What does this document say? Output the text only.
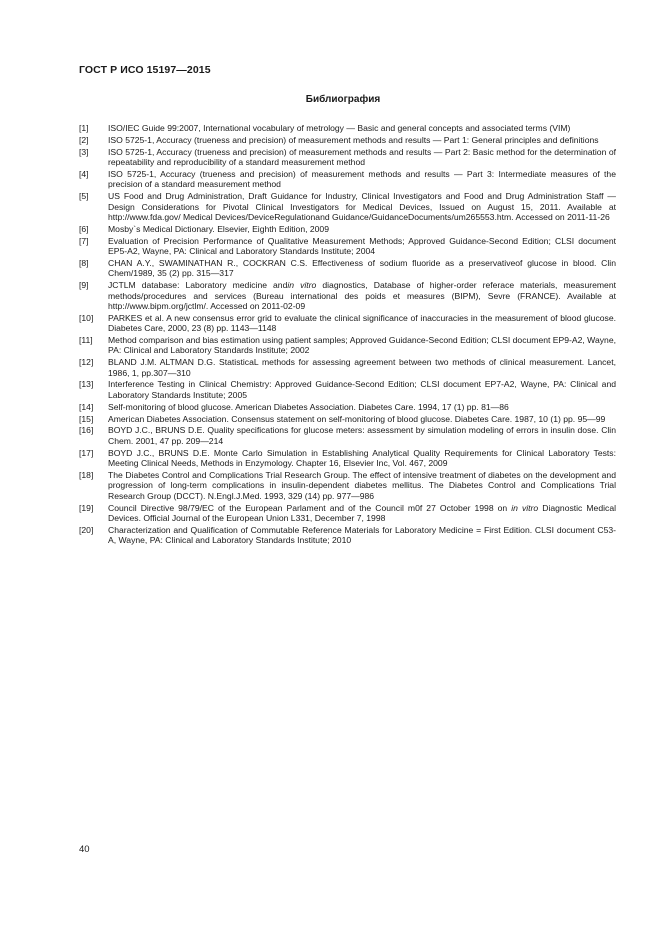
ГОСТ Р ИСО 15197—2015
Библиография
[1]	ISO/IEC Guide 99:2007, International vocabulary of metrology — Basic and general concepts and associated terms (VIM)
[2]	ISO 5725-1, Accuracy (trueness and precision) of measurement methods and results — Part 1: General principles and definitions
[3]	ISO 5725-1, Accuracy (trueness and precision) of measurement methods and results — Part 2: Basic method for the determination of repeatability and reproducibility of a standard measurement method
[4]	ISO 5725-1, Accuracy (trueness and precision) of measurement methods and results — Part 3: Intermediate measures of the precision of a standard measurement method
[5]	US Food and Drug Administration, Draft Guidance for Industry, Clinical Investigators and Food and Drug Administration Staff — Design Considerations for Pivotal Clinical Investigators for Medical Devices, Issued on August 15, 2011. Available at http://www.fda.gov/ Medical Devices/DeviceRegulationand Guidance/GuidanceDocuments/um265553.htm. Accessed on 2011-11-26
[6]	Mosby`s Medical Dictionary. Elsevier, Eighth Edition, 2009
[7]	Evaluation of Precision Performance of Qualitative Measurement Methods; Approved Guidance-Second Edition; CLSI document EP5-A2, Wayne, PA: Clinical and Laboratory Standards Institute; 2004
[8]	CHAN A.Y., SWAMINATHAN R., COCKRAN C.S. Effectiveness of sodium fluoride as a preservativeof glucose in blood. Clin Chem/1989, 35 (2) pp. 315—317
[9]	JCTLM database: Laboratory medicine andin vitro diagnostics, Database of higher-order referace materials, measurement methods/procedures and services (Bureau international des poids et measures (BIPM), Sevre (FRANCE). Available at http://www.bipm.org/jctlm/. Accessed on 2011-02-09
[10]	PARKES et al. A new consensus error grid to evaluate the clinical significance of inaccuracies in the measurement of blood glucose. Diabetes Care, 2000, 23 (8) pp. 1143—1148
[11]	Method comparison and bias estimation using patient samples; Approved Guidance-Second Edition; CLSI document EP9-A2, Wayne, PA: Clinical and Laboratory Standards Institute; 2002
[12]	BLAND J.M. ALTMAN D.G. StatisticaL methods for assessing agreement between two methods of clinical measurement. Lancet, 1986, 1, pp.307—310
[13]	Interference Testing in Clinical Chemistry: Approved Guidance-Second Edition; CLSI document EP7-A2, Wayne, PA: Clinical and Laboratory Standards Institute; 2005
[14]	Self-monitoring of blood glucose. American Diabetes Association. Diabetes Care. 1994, 17 (1) pp. 81—86
[15]	American Diabetes Association. Consensus statement on self-monitoring of blood glucose. Diabetes Care. 1987, 10 (1) pp. 95—99
[16]	BOYD J.C., BRUNS D.E. Quality specifications for glucose meters: assessment by simulation modeling of errors in insulin dose. Clin Chem. 2001, 47 pp. 209—214
[17]	BOYD J.C., BRUNS D.E. Monte Carlo Simulation in Establishing Analytical Quality Requirements for Clinical Laboratory Tests: Meeting Clinical Needs, Methods in Enzymology. Chapter 16, Elsevier Inc, Vol. 467, 2009
[18]	The Diabetes Control and Complications Trial Research Group. The effect of intensive treatment of diabetes on the development and progression of long-term complications in insulin-dependent diabetes mellitus. The Diabetes Control and Complications Trial Research Group (DCCT). N.Engl.J.Med. 1993, 329 (14) pp. 977—986
[19]	Council Directive 98/79/EC of the European Parlament and of the Council m0f 27 October 1998 on in vitro Diagnostic Medical Devices. Official Journal of the European Union L331, December 7, 1998
[20]	Characterization and Qualification of Commutable Reference Materials for Laboratory Medicine = First Edition. CLSI document C53-A, Wayne, PA: Clinical and Laboratory Standards Institute; 2010
40
